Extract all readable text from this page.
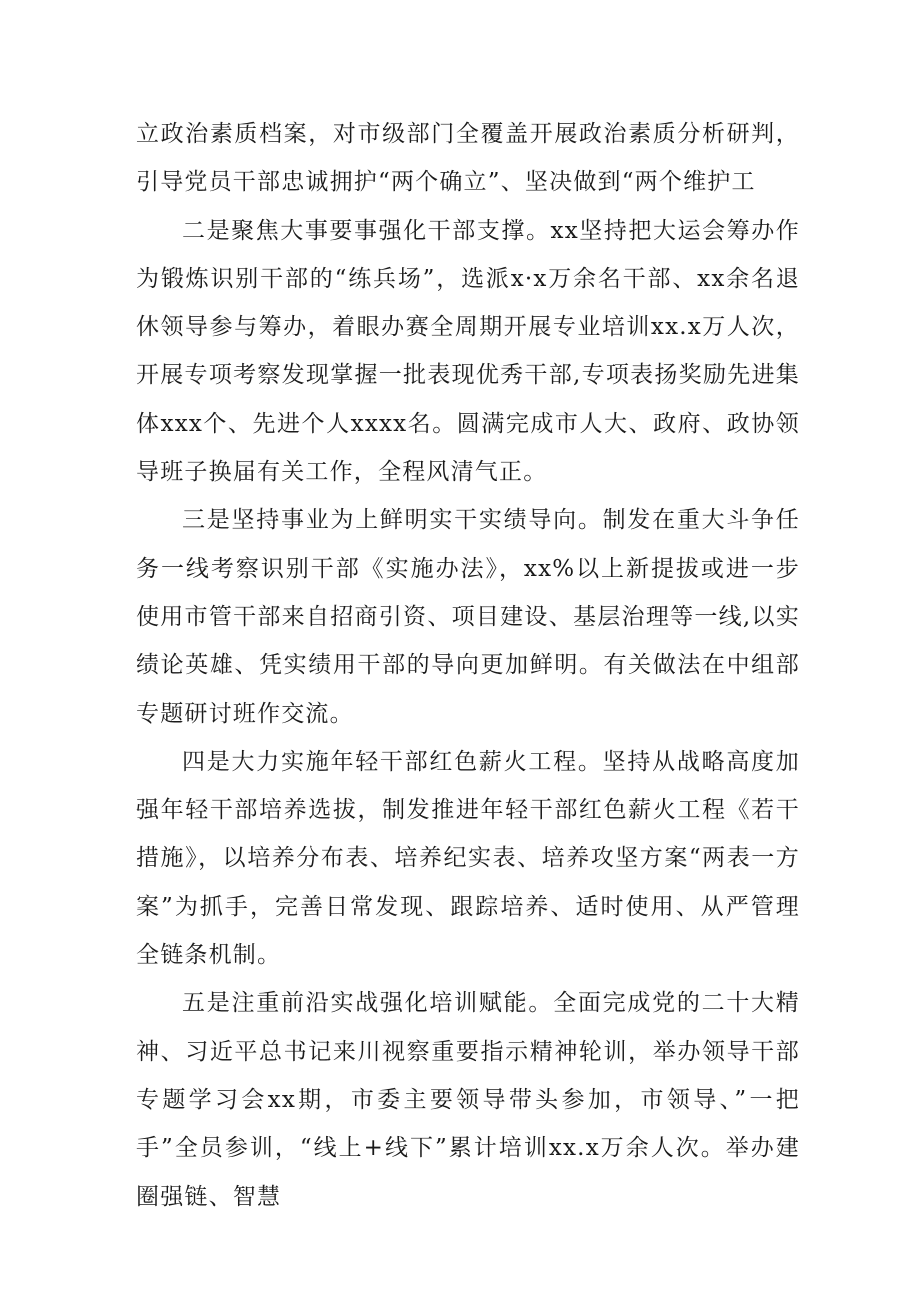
立政治素质档案，对市级部门全覆盖开展政治素质分析研判，引导党员干部忠诚拥护“两个确立”、坚决做到“两个维护工

二是聚焦大事要事强化干部支撑。xx坚持把大运会筹办作为锻炼识别干部的“练兵场”，选派x·x万余名干部、xx余名退休领导参与筹办，着眼办赛全周期开展专业培训xx.x万人次，开展专项考察发现掌握一批表现优秀干部,专项表扬奖励先进集体xxx个、先进个人xxxx名。圆满完成市人大、政府、政协领导班子换届有关工作，全程风清气正。

三是坚持事业为上鲜明实干实绩导向。制发在重大斗争任务一线考察识别干部《实施办法》，xx%以上新提拔或进一步使用市管干部来自招商引资、项目建设、基层治理等一线,以实绩论英雄、凭实绩用干部的导向更加鲜明。有关做法在中组部专题研讨班作交流。

四是大力实施年轻干部红色薪火工程。坚持从战略高度加强年轻干部培养选拔，制发推进年轻干部红色薪火工程《若干措施》，以培养分布表、培养纪实表、培养攻坚方案“两表一方案”为抓手，完善日常发现、跟踪培养、适时使用、从严管理全链条机制。

五是注重前沿实战强化培训赋能。全面完成党的二十大精神、习近平总书记来川视察重要指示精神轮训，举办领导干部专题学习会xx期，市委主要领导带头参加，市领导、”一把手”全员参训，“线上+线下”累计培训xx.x万余人次。举办建圈强链、智慧
